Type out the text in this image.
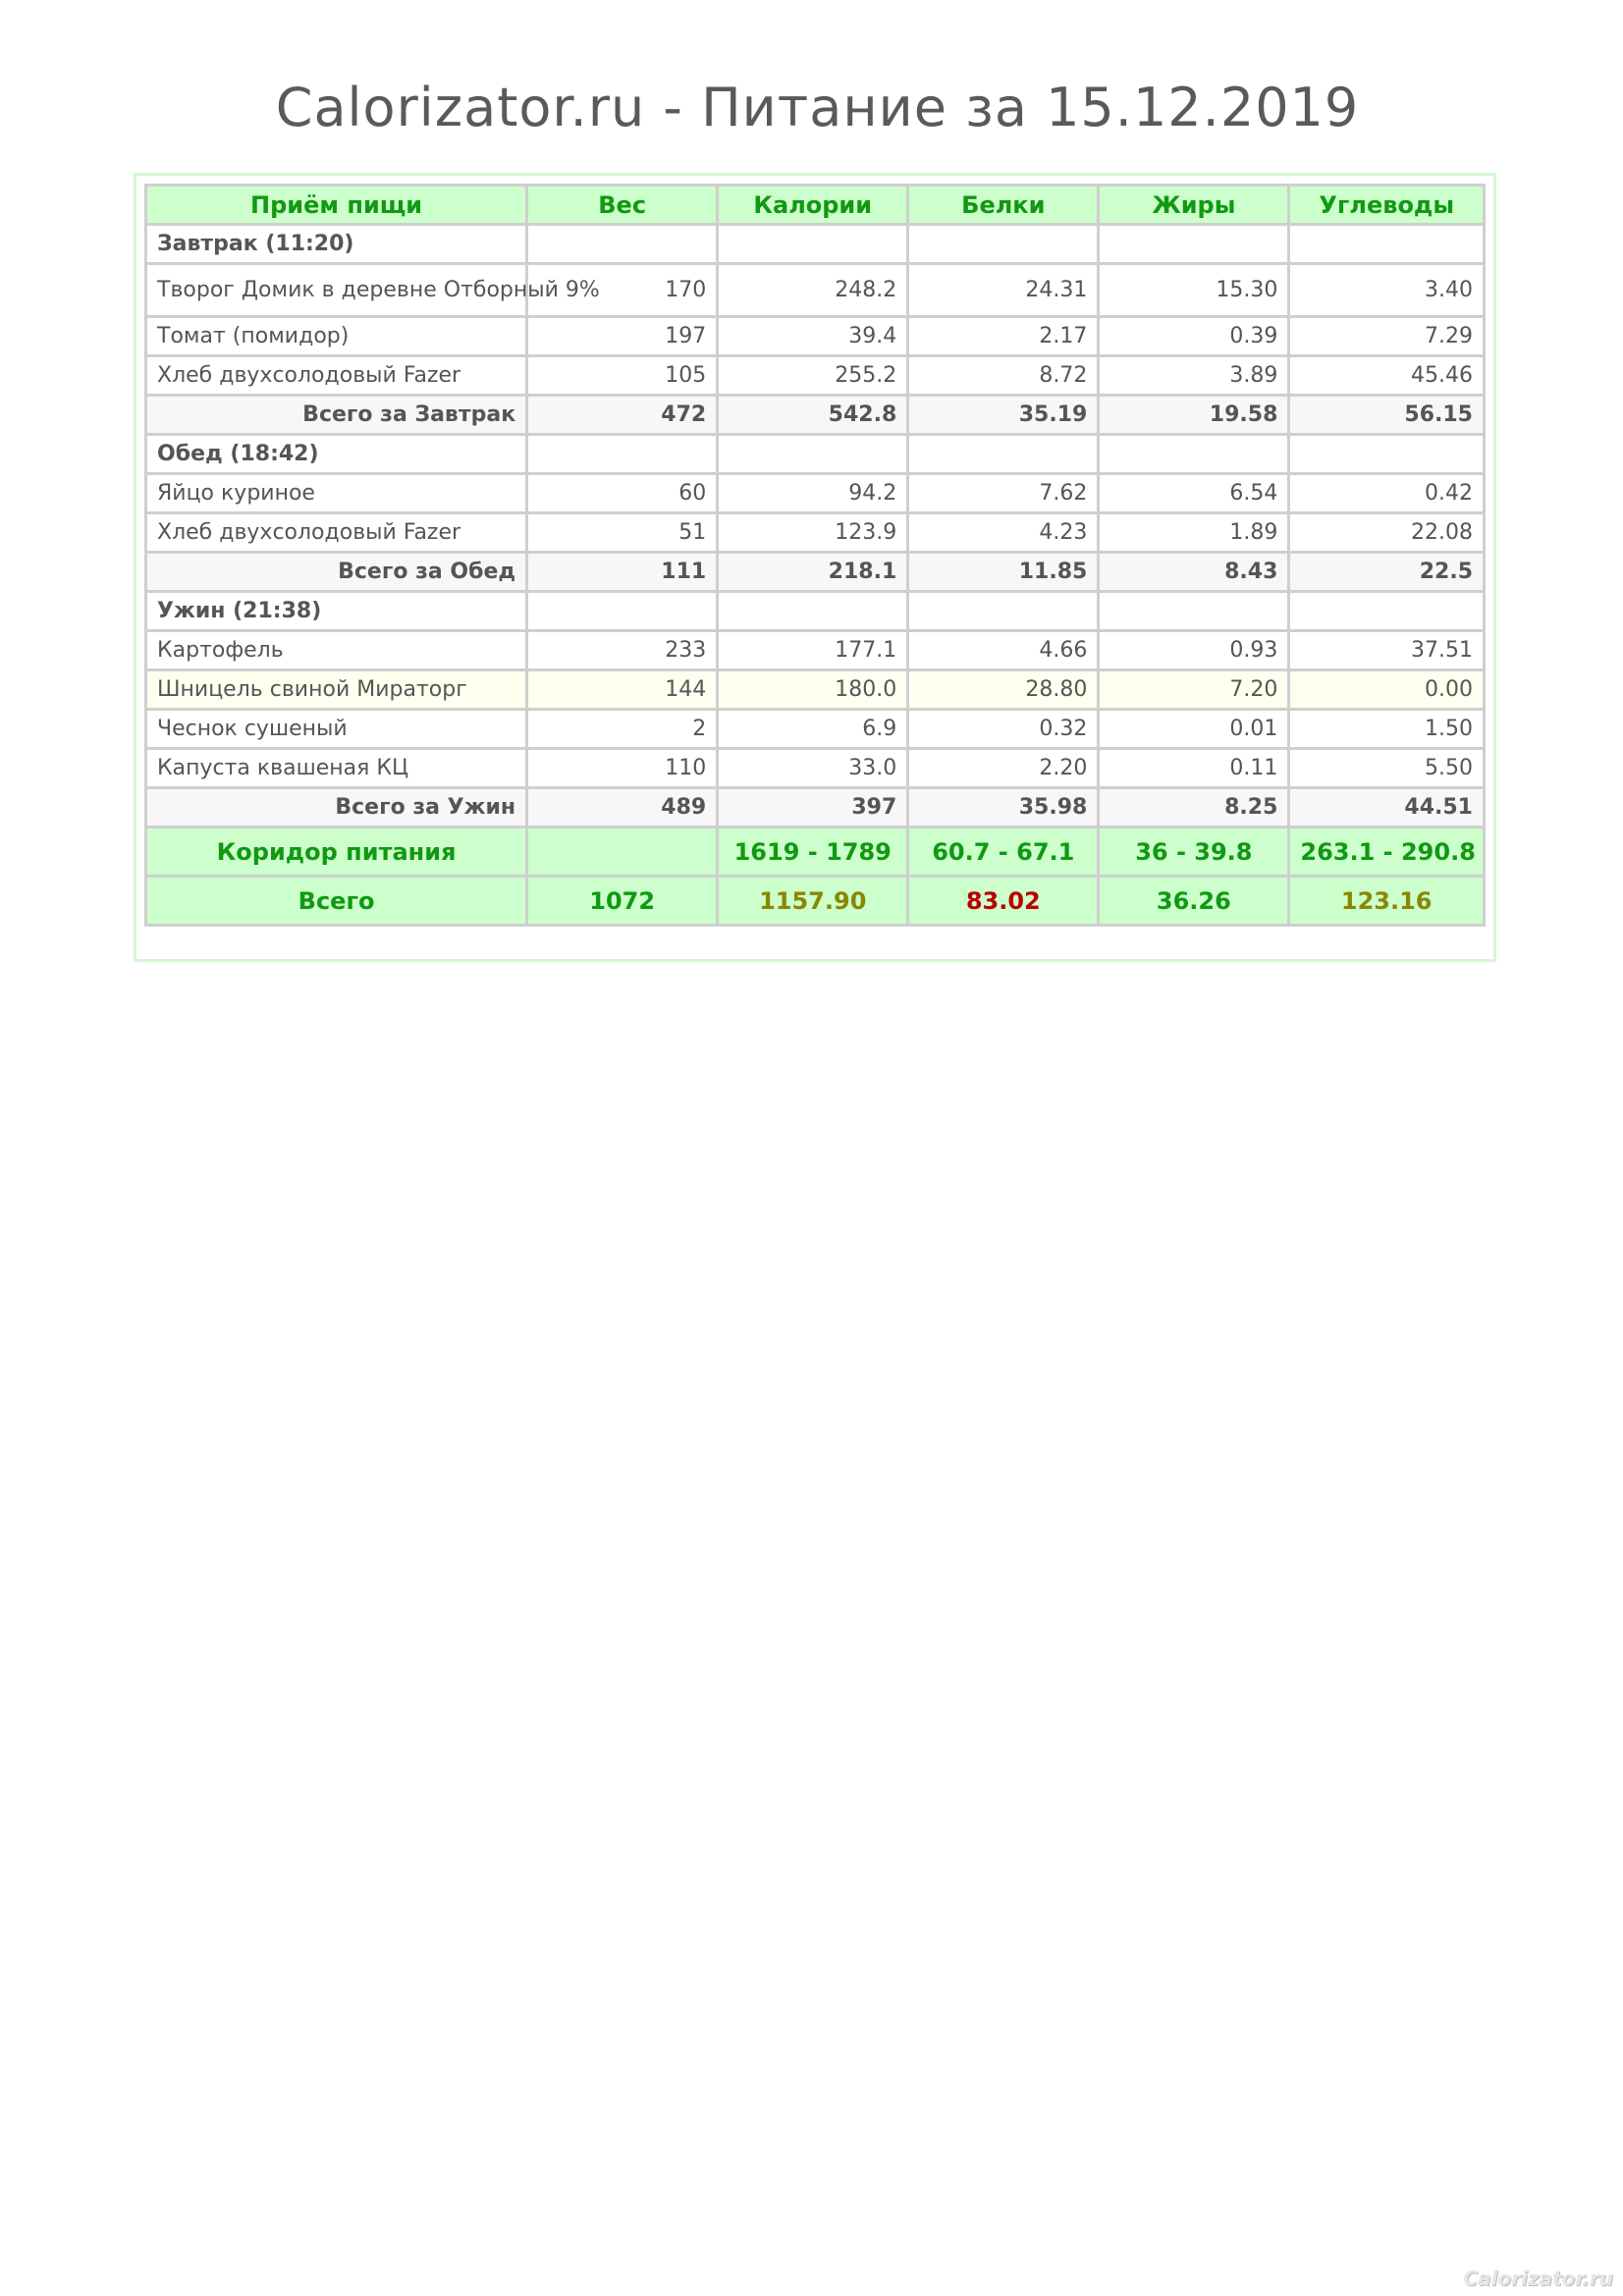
Calorizator.ru - Питание за 15.12.2019
Приём пищи	Вес	Калории	Белки	Жиры	Углеводы
Завтрак (11:20)					
Творог Домик в деревне Отборный 9%	170	248.2	24.31	15.30	3.40
Томат (помидор)	197	39.4	2.17	0.39	7.29
Хлеб двухсолодовый Fazer	105	255.2	8.72	3.89	45.46
Всего за Завтрак	472	542.8	35.19	19.58	56.15
Обед (18:42)					
Яйцо куриное	60	94.2	7.62	6.54	0.42
Хлеб двухсолодовый Fazer	51	123.9	4.23	1.89	22.08
Всего за Обед	111	218.1	11.85	8.43	22.5
Ужин (21:38)					
Картофель	233	177.1	4.66	0.93	37.51
Шницель свиной Мираторг	144	180.0	28.80	7.20	0.00
Чеснок сушеный	2	6.9	0.32	0.01	1.50
Капуста квашеная КЦ	110	33.0	2.20	0.11	5.50
Всего за Ужин	489	397	35.98	8.25	44.51
Коридор питания		1619 - 1789	60.7 - 67.1	36 - 39.8	263.1 - 290.8
Всего	1072	1157.90	83.02	36.26	123.16
Calorizator.ru
